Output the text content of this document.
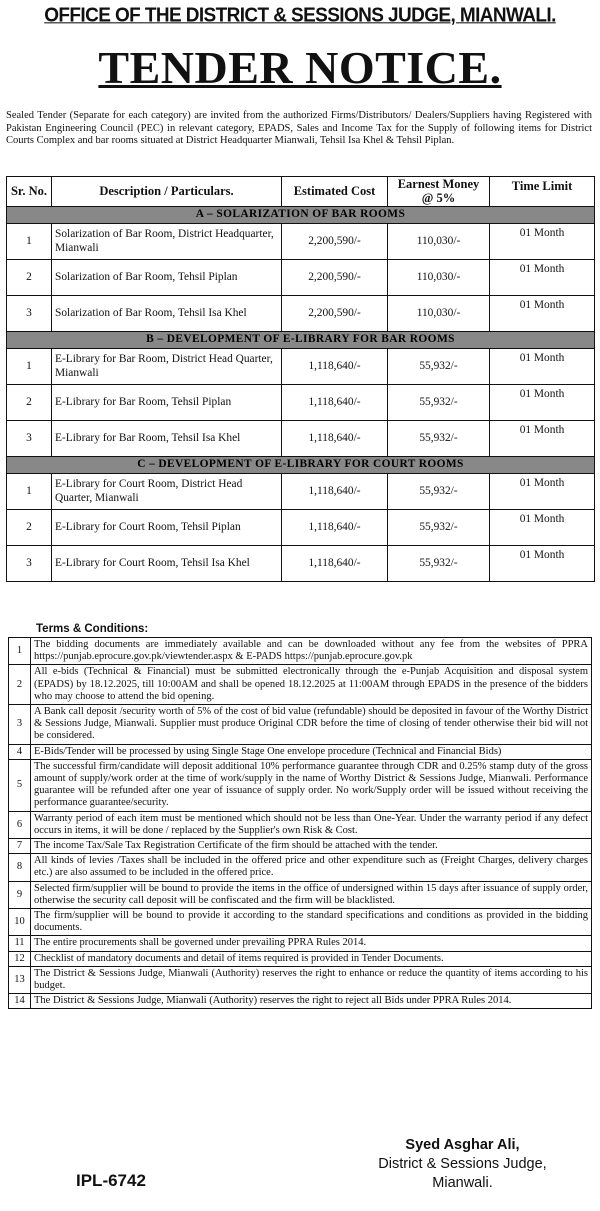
OFFICE OF THE DISTRICT & SESSIONS JUDGE, MIANWALI.
TENDER NOTICE.
Sealed Tender (Separate for each category) are invited from the authorized Firms/Distributors/ Dealers/Suppliers having Registered with Pakistan Engineering Council (PEC) in relevant category, EPADS, Sales and Income Tax for the Supply of following items for District Courts Complex and bar rooms situated at District Headquarter Mianwali, Tehsil Isa Khel & Tehsil Piplan.
Sr. No.	Description / Particulars.	Estimated Cost	Earnest Money @ 5%	Time Limit
A – SOLARIZATION OF BAR ROOMS				
1	Solarization of Bar Room, District Headquarter, Mianwali	2,200,590/-	110,030/-	01 Month
2	Solarization of Bar Room, Tehsil Piplan	2,200,590/-	110,030/-	01 Month
3	Solarization of Bar Room, Tehsil Isa Khel	2,200,590/-	110,030/-	01 Month
B – DEVELOPMENT OF E-LIBRARY FOR BAR ROOMS				
1	E-Library for Bar Room, District Head Quarter, Mianwali	1,118,640/-	55,932/-	01 Month
2	E-Library for Bar Room, Tehsil Piplan	1,118,640/-	55,932/-	01 Month
3	E-Library for Bar Room, Tehsil Isa Khel	1,118,640/-	55,932/-	01 Month
C – DEVELOPMENT OF E-LIBRARY FOR COURT ROOMS				
1	E-Library for Court Room, District Head Quarter, Mianwali	1,118,640/-	55,932/-	01 Month
2	E-Library for Court Room, Tehsil Piplan	1,118,640/-	55,932/-	01 Month
3	E-Library for Court Room, Tehsil Isa Khel	1,118,640/-	55,932/-	01 Month
Terms & Conditions:
1	The bidding documents are immediately available and can be downloaded without any fee from the websites of PPRA https://punjab.eprocure.gov.pk/viewtender.aspx & E-PADS https://punjab.eprocure.gov.pk
2	All e-bids (Technical & Financial) must be submitted electronically through the e-Punjab Acquisition and disposal system (EPADS) by 18.12.2025, till 10:00AM and shall be opened 18.12.2025 at 11:00AM through EPADS in the presence of the bidders who may choose to attend the bid opening.
3	A Bank call deposit /security worth of 5% of the cost of bid value (refundable) should be deposited in favour of the Worthy District & Sessions Judge, Mianwali. Supplier must produce Original CDR before the time of closing of tender otherwise their bid will not be considered.
4	E-Bids/Tender will be processed by using Single Stage One envelope procedure (Technical and Financial Bids)
5	The successful firm/candidate will deposit additional 10% performance guarantee through CDR and 0.25% stamp duty of the gross amount of supply/work order at the time of work/supply in the name of Worthy District & Sessions Judge, Mianwali. Performance guarantee will be refunded after one year of issuance of supply order. No work/Supply order will be issued without receiving the performance guarantee/security.
6	Warranty period of each item must be mentioned which should not be less than One-Year. Under the warranty period if any defect occurs in items, it will be done / replaced by the Supplier's own Risk & Cost.
7	The income Tax/Sale Tax Registration Certificate of the firm should be attached with the tender.
8	All kinds of levies /Taxes shall be included in the offered price and other expenditure such as (Freight Charges, delivery charges etc.) are also assumed to be included in the offered price.
9	Selected firm/supplier will be bound to provide the items in the office of undersigned within 15 days after issuance of supply order, otherwise the security call deposit will be confiscated and the firm will be blacklisted.
10	The firm/supplier will be bound to provide it according to the standard specifications and conditions as provided in the bidding documents.
11	The entire procurements shall be governed under prevailing PPRA Rules 2014.
12	Checklist of mandatory documents and detail of items required is provided in Tender Documents.
13	The District & Sessions Judge, Mianwali (Authority) reserves the right to enhance or reduce the quantity of items according to his budget.
14	The District & Sessions Judge, Mianwali (Authority) reserves the right to reject all Bids under PPRA Rules 2014.
Syed Asghar Ali,
District & Sessions Judge,
Mianwali.
IPL-6742
